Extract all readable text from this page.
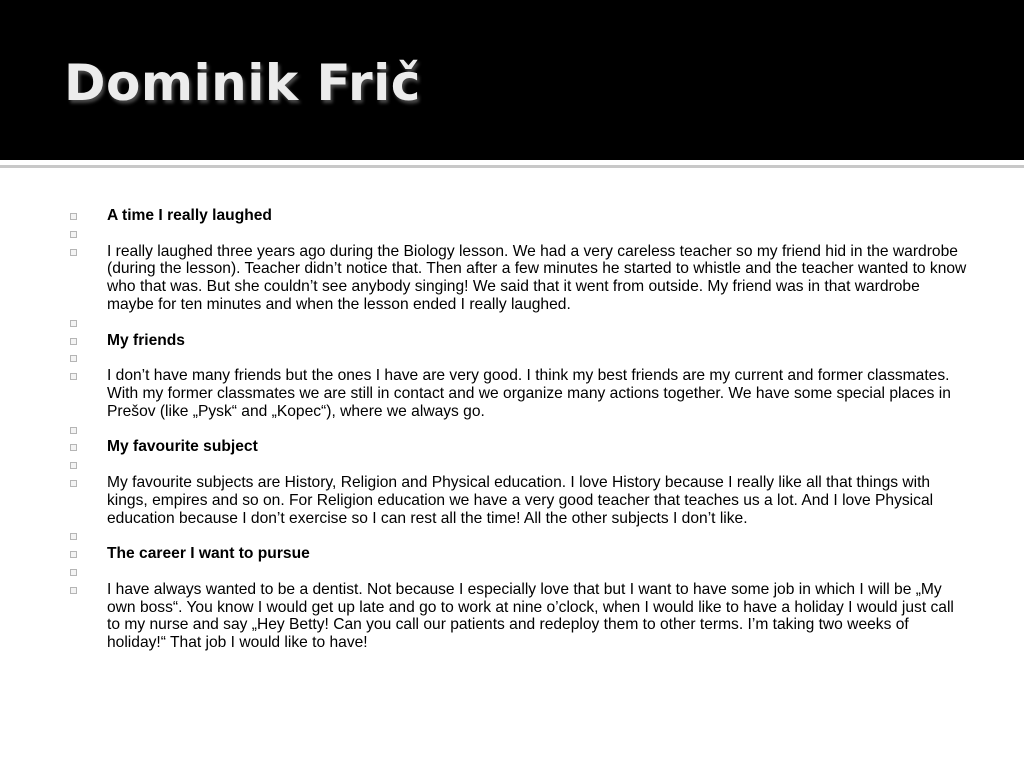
Dominik Frič
A time I really laughed
I really laughed three years ago during the Biology lesson. We had a very careless teacher so my friend hid in the wardrobe (during the lesson). Teacher didn’t notice that. Then after a few minutes he started to whistle and the teacher wanted to know who that was. But she couldn’t see anybody singing! We said that it went from outside. My friend was in that wardrobe maybe for ten minutes and when the lesson ended I really laughed.
My friends
I don’t have many friends but the ones I have are very good. I think my best friends are my current and former classmates. With my former classmates we are still in contact and we organize many actions together. We have some special places in Prešov (like „Pysk“ and „Kopec“), where we always go.
My favourite subject
My favourite subjects are History, Religion and Physical education. I love History because I really like all that things with kings, empires and so on. For Religion education we have a very good teacher that teaches us a lot. And I love Physical education because I don’t exercise so I can rest all the time! All the other subjects I don’t like.
The career I want to pursue
I have always wanted to be a dentist. Not because I especially love that but I want to have some job in which I will be „My own boss“. You know I would get up late and go to work at nine o’clock, when I would like to have a holiday I would just call to my nurse and say „Hey Betty! Can you call our patients and redeploy them to other terms. I’m taking two weeks of holiday!“ That job I would like to have!
